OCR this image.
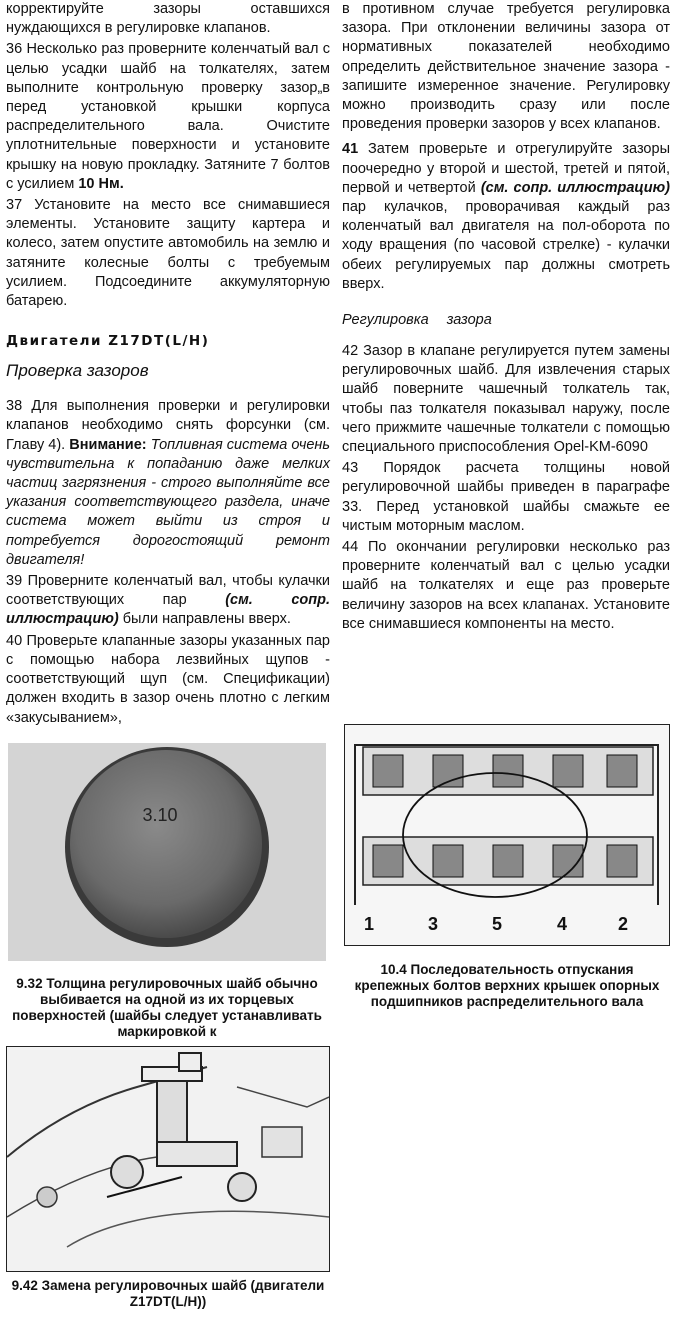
корректируйте зазоры оставшихся нуждающихся в регулировке клапанов.

36 Несколько раз проверните коленчатый вал с целью усадки шайб на толкателях, затем выполните контрольную проверку зазор„в перед установкой крышки корпуса распределительного вала. Очистите уплотнительные поверхности и установите крышку на новую прокладку. Затяните 7 болтов с усилием 10 Нм.

37 Установите на место все снимавшиеся элементы. Установите защиту картера и колесо, затем опустите автомобиль на землю и затяните колесные болты с требуемым усилием. Подсоедините аккумуляторную батарею.

Двигатели Z17DT(L/H)
Проверка зазоров

38 Для выполнения проверки и регулировки клапанов необходимо снять форсунки (см. Главу 4). Внимание: Топливная система очень чувствительна к попаданию даже мелких частиц загрязнения - строго выполняйте все указания соответствующего раздела, иначе система может выйти из строя и потребуется дорогостоящий ремонт двигателя!

39 Проверните коленчатый вал, чтобы кулачки соответствующих пар	(см. сопр. иллюстрацию) были направлены вверх.

40 Проверьте клапанные зазоры указанных пар с помощью набора лезвийных щупов - соответствующий щуп (см. Спецификации) должен входить в зазор очень плотно с легким «закусыванием»,

в противном случае требуется регулировка зазора. При отклонении величины зазора от нормативных показателей необходимо определить действительное значение зазора - запишите измеренное значение. Регулировку можно производить сразу или после проведения проверки зазоров у всех клапанов.

41 Затем проверьте и отрегулируйте зазоры поочередно у второй и шестой, третей и пятой, первой и четвертой (см. сопр. иллюстрацию) пар кулачков, проворачивая каждый раз коленчатый вал двигателя на пол-оборота по ходу вращения (по часовой стрелке) - кулачки обеих регулируемых пар должны смотреть вверх.

Регулировка зазора

42 Зазор в клапане регулируется путем замены регулировочных шайб. Для извлечения старых шайб поверните чашечный толкатель так, чтобы паз толкателя показывал наружу, после чего прижмите чашечные толкатели с помощью специального приспособления Opel-KM-6090

43 Порядок расчета толщины новой регулировочной шайбы приведен в параграфе 33. Перед установкой шайбы смажьте ее чистым моторным маслом.

44 По окончании регулировки несколько раз проверните коленчатый вал с целью усадки шайб на толкателях и еще раз проверьте величину зазоров на всех клапанах. Установите все снимавшиеся компоненты на место.

3.10
9.32 Толщина регулировочных шайб обычно выбивается на одной из их торцевых поверхностей (шайбы следует устанавливать маркировкой к
9.42 Замена регулировочных шайб (двигатели Z17DT(L/H))
1	3	5	4	2
10.4 Последовательность отпускания крепежных болтов верхних крышек опорных подшипников распределительного вала
